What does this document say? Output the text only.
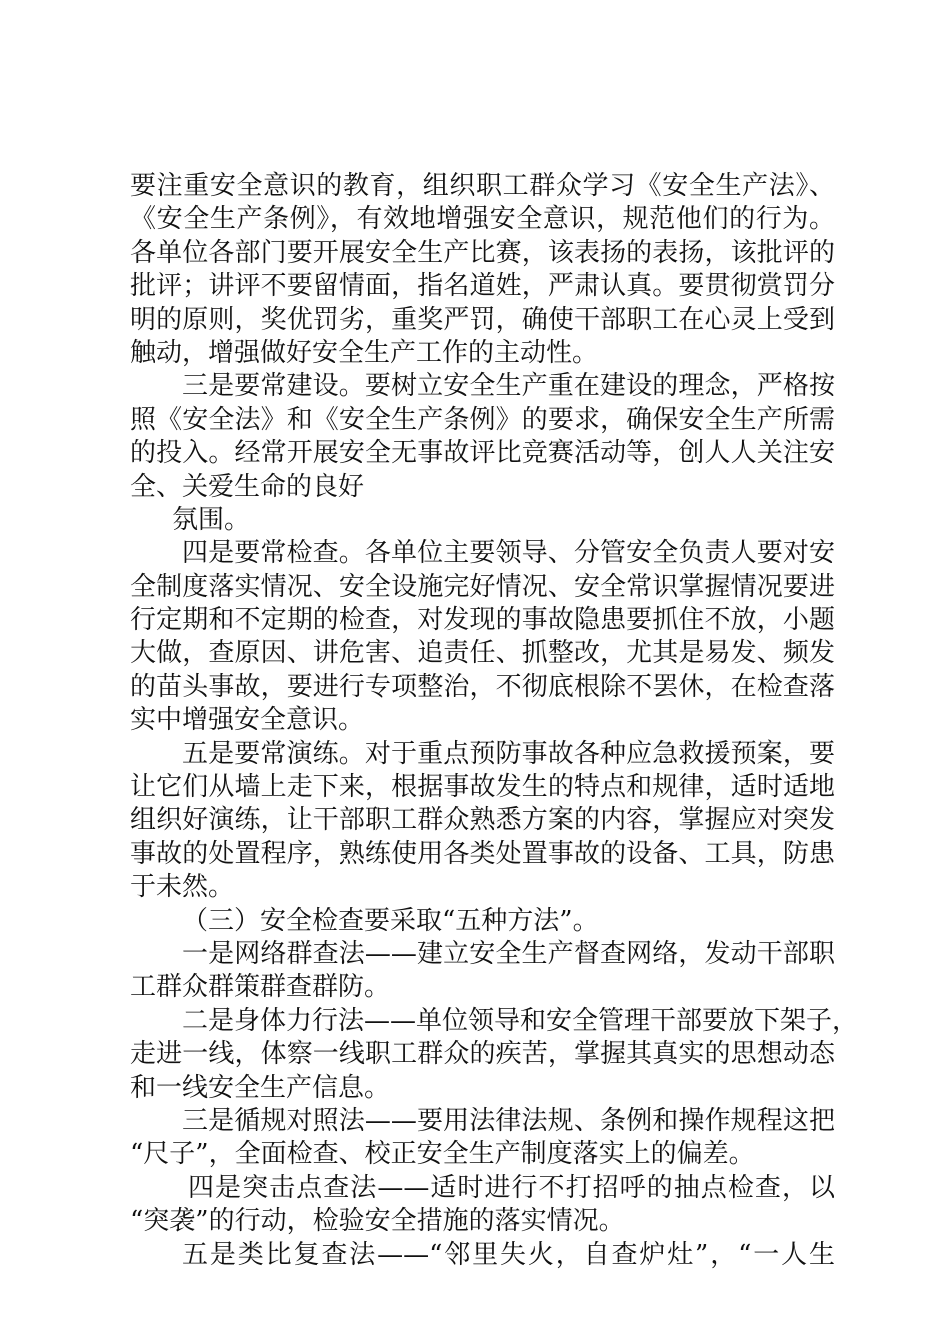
要注重安全意识的教育，组织职工群众学习《安全生产法》、
《安全生产条例》，有效地增强安全意识，规范他们的行为。
各单位各部门要开展安全生产比赛，该表扬的表扬，该批评的
批评；讲评不要留情面，指名道姓，严肃认真。要贯彻赏罚分
明的原则，奖优罚劣，重奖严罚，确使干部职工在心灵上受到
触动，增强做好安全生产工作的主动性。
三是要常建设。要树立安全生产重在建设的理念，严格按
照《安全法》和《安全生产条例》的要求，确保安全生产所需
的投入。经常开展安全无事故评比竞赛活动等，创人人关注安
全、关爱生命的良好
氛围。
四是要常检查。各单位主要领导、分管安全负责人要对安
全制度落实情况、安全设施完好情况、安全常识掌握情况要进
行定期和不定期的检查，对发现的事故隐患要抓住不放，小题
大做，查原因、讲危害、追责任、抓整改，尤其是易发、频发
的苗头事故，要进行专项整治，不彻底根除不罢休，在检查落
实中增强安全意识。
五是要常演练。对于重点预防事故各种应急救援预案，要
让它们从墙上走下来，根据事故发生的特点和规律，适时适地
组织好演练，让干部职工群众熟悉方案的内容，掌握应对突发
事故的处置程序，熟练使用各类处置事故的设备、工具，防患
于未然。
（三）安全检查要采取“五种方法”。
一是网络群查法——建立安全生产督查网络，发动干部职
工群众群策群查群防。
二是身体力行法——单位领导和安全管理干部要放下架子，
走进一线，体察一线职工群众的疾苦，掌握其真实的思想动态
和一线安全生产信息。
三是循规对照法——要用法律法规、条例和操作规程这把
“尺子”，全面检查、校正安全生产制度落实上的偏差。
四是突击点查法——适时进行不打招呼的抽点检查，以
“突袭”的行动，检验安全措施的落实情况。
五是类比复查法——“邻里失火，自查炉灶”，“一人生
